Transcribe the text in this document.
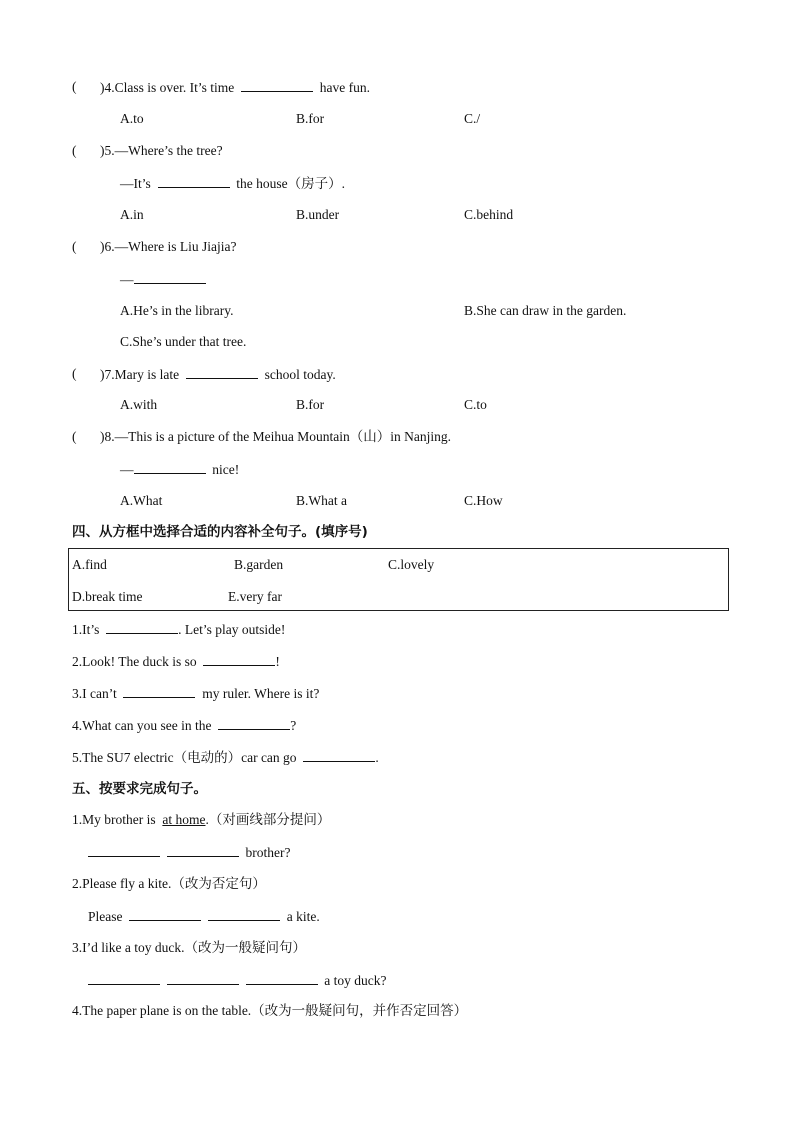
( )4.Class is over. It’s time	have fun.
A.to	B.for	C./
( )5.—Where’s the tree?
—It’s	the house（房子）.
A.in	B.under	C.behind
( )6.—Where is Liu Jiajia?
—
A.He’s in the library.	B.She can draw in the garden.
C.She’s under that tree.
( )7.Mary is late	school today.
A.with	B.for	C.to
( )8.—This is a picture of the Meihua Mountain（山）in Nanjing.
—	nice!
A.What	B.What a	C.How
四、从方框中选择合适的内容补全句子。(填序号)
A.find	B.garden	C.lovely
D.break time	E.very far
1.It’s	. Let’s play outside!
2.Look! The duck is so	!
3.I can’t	my ruler. Where is it?
4.What can you see in the	?
5.The SU7 electric（电动的）car can go	.
五、按要求完成句子。
1.My brother is at home.（对画线部分提问）
brother?
2.Please fly a kite.（改为否定句）
Please	a kite.
3.I’d like a toy duck.（改为一般疑问句）
a toy duck?
4.The paper plane is on the table.（改为一般疑问句，并作否定回答）
